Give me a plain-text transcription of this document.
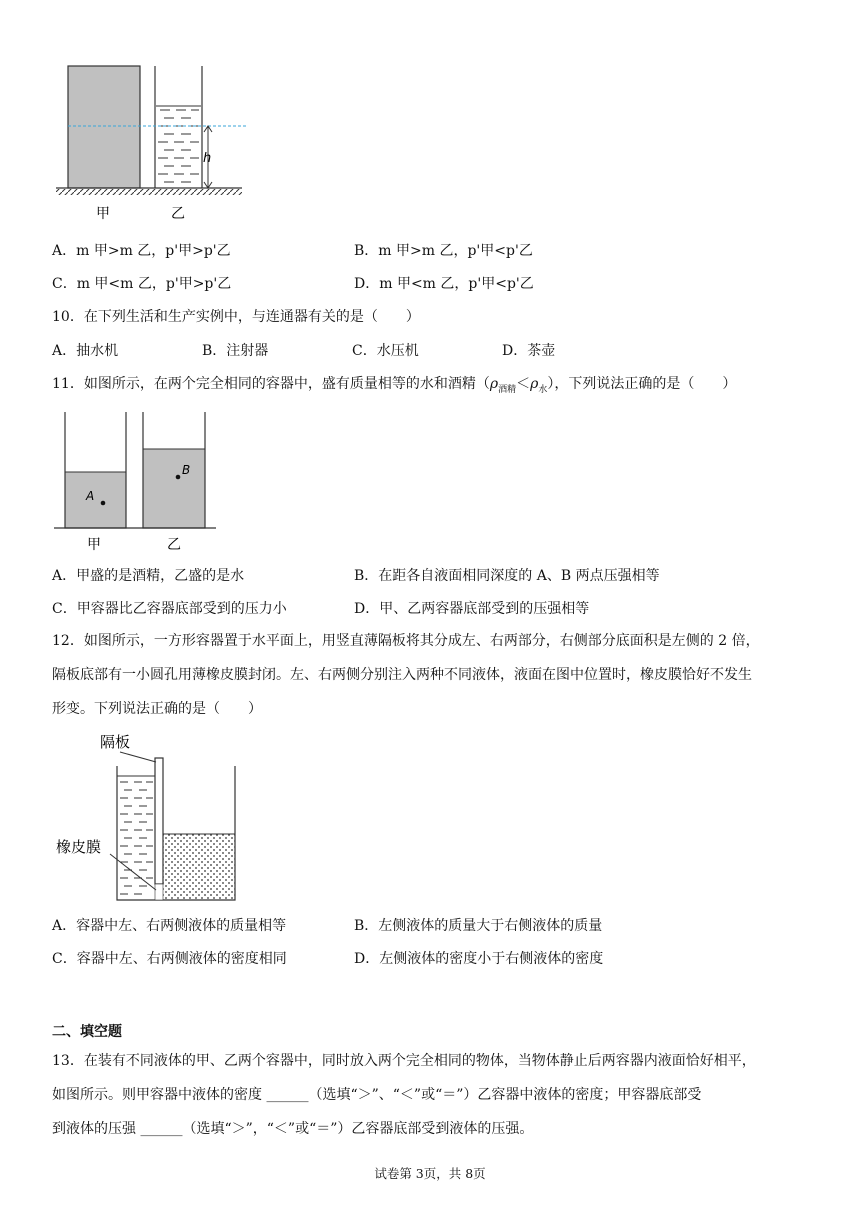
h
甲	乙
A．m 甲>m 乙，p'甲>p'乙	B．m 甲>m 乙，p'甲<p'乙
C．m 甲<m 乙，p'甲>p'乙	D．m 甲<m 乙，p'甲<p'乙
10．在下列生活和生产实例中，与连通器有关的是（　　）
A．抽水机	B．注射器	C．水压机	D．茶壶
11．如图所示，在两个完全相同的容器中，盛有质量相等的水和酒精$(\rho_{酒精}<\rho_水)$，下列说法正确的是（　　）
A
B
甲	乙
A．甲盛的是酒精，乙盛的是水	B．在距各自液面相同深度的 A、B 两点压强相等
C．甲容器比乙容器底部受到的压力小	D．甲、乙两容器底部受到的压强相等
12．如图所示，一方形容器置于水平面上，用竖直薄隔板将其分成左、右两部分，右侧部分底面积是左侧的 2 倍，
隔板底部有一小圆孔用薄橡皮膜封闭。左、右两侧分别注入两种不同液体，液面在图中位置时，橡皮膜恰好不发生
形变。下列说法正确的是（　　）
隔板
橡皮膜
A．容器中左、右两侧液体的质量相等	B．左侧液体的质量大于右侧液体的质量
C．容器中左、右两侧液体的密度相同	D．左侧液体的密度小于右侧液体的密度
二、填空题
13．在装有不同液体的甲、乙两个容器中，同时放入两个完全相同的物体，当物体静止后两容器内液面恰好相平，
如图所示。则甲容器中液体的密度 ______（选填“＞”、“＜”或“＝”）乙容器中液体的密度；甲容器底部受
到液体的压强 ______（选填“＞”，“＜”或“＝”）乙容器底部受到液体的压强。
试卷第 3页，共 8页
